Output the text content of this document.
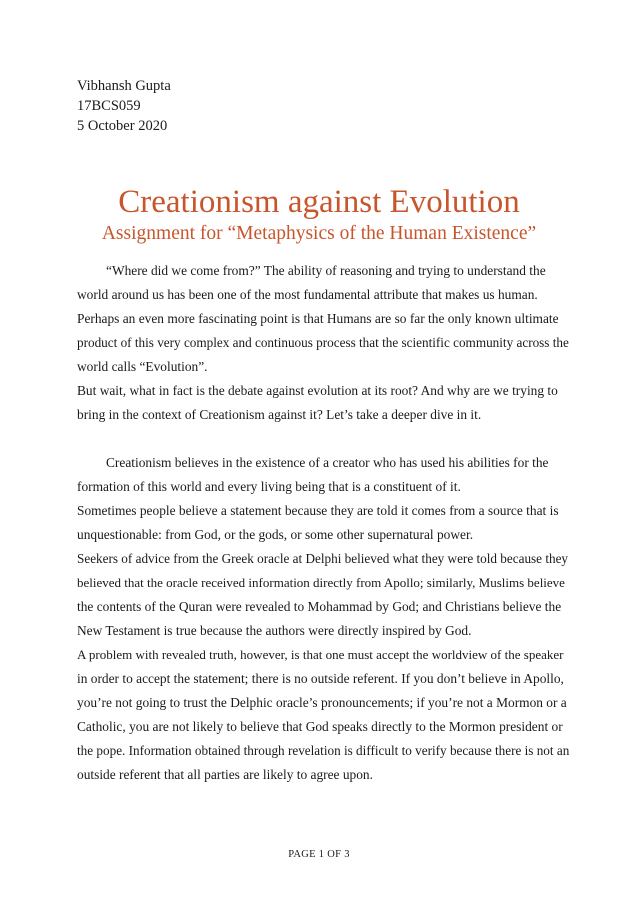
Vibhansh Gupta
17BCS059
5 October 2020
Creationism against Evolution
Assignment for “Metaphysics of the Human Existence”
“Where did we come from?” The ability of reasoning and trying to understand the
world around us has been one of the most fundamental attribute that makes us human.
Perhaps an even more fascinating point is that Humans are so far the only known ultimate
product of this very complex and continuous process that the scientific community across the
world calls “Evolution”.
But wait, what in fact is the debate against evolution at its root? And why are we trying to
bring in the context of Creationism against it? Let’s take a deeper dive in it.
Creationism believes in the existence of a creator who has used his abilities for the
formation of this world and every living being that is a constituent of it.
Sometimes people believe a statement because they are told it comes from a source that is
unquestionable: from God, or the gods, or some other supernatural power.
Seekers of advice from the Greek oracle at Delphi believed what they were told because they
believed that the oracle received information directly from Apollo; similarly, Muslims believe
the contents of the Quran were revealed to Mohammad by God; and Christians believe the
New Testament is true because the authors were directly inspired by God.
A problem with revealed truth, however, is that one must accept the worldview of the speaker
in order to accept the statement; there is no outside referent. If you don’t believe in Apollo,
you’re not going to trust the Delphic oracle’s pronouncements; if you’re not a Mormon or a
Catholic, you are not likely to believe that God speaks directly to the Mormon president or
the pope. Information obtained through revelation is difficult to verify because there is not an
outside referent that all parties are likely to agree upon.
PAGE 1 OF 3
